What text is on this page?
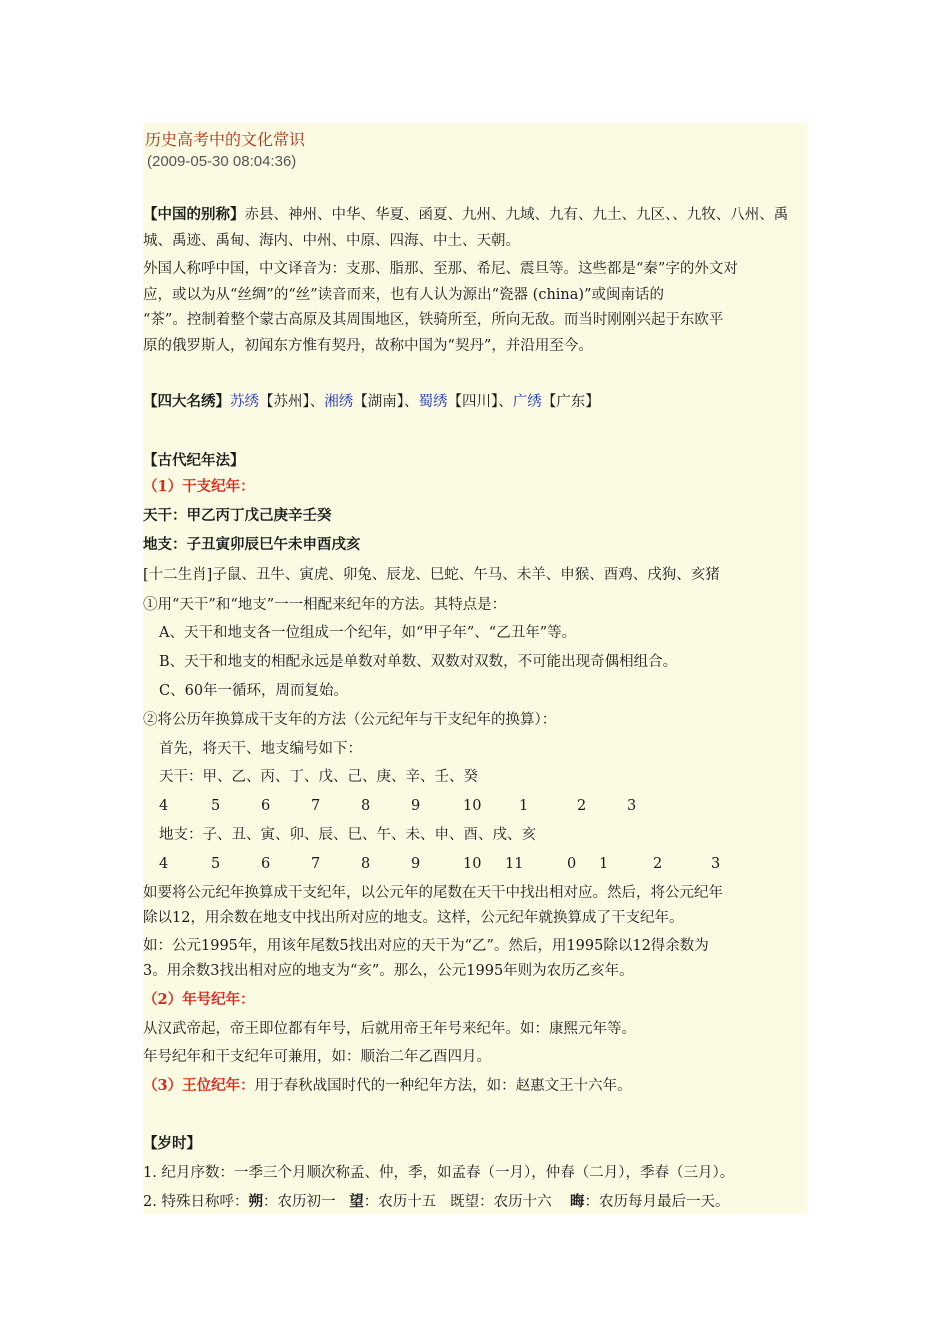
历史高考中的文化常识
(2009-05-30 08:04:36)
【中国的别称】赤县、神州、中华、华夏、函夏、九州、九域、九有、九土、九区、、九牧、八州、禹
城、禹迹、禹甸、海内、中州、中原、四海、中土、天朝。
外国人称呼中国，中文译音为：支那、脂那、至那、希尼、震旦等。这些都是“秦”字的外文对
应，或以为从“丝绸”的“丝”读音而来，也有人认为源出“瓷器 (china)”或闽南话的
“茶”。控制着整个蒙古高原及其周围地区，铁骑所至，所向无敌。而当时刚刚兴起于东欧平
原的俄罗斯人，初闻东方惟有契丹，故称中国为“契丹”，并沿用至今。
【四大名绣】苏绣【苏州】、湘绣【湖南】、蜀绣【四川】、广绣【广东】
【古代纪年法】
（1）干支纪年：
天干：甲乙丙丁戊己庚辛壬癸
地支：子丑寅卯辰巳午未申酉戌亥
[十二生肖]子鼠、丑牛、寅虎、卯兔、辰龙、巳蛇、午马、未羊、申猴、酉鸡、戌狗、亥猪
①用“天干”和“地支”一一相配来纪年的方法。其特点是：
A、天干和地支各一位组成一个纪年，如“甲子年”、“乙丑年”等。
B、天干和地支的相配永远是单数对单数、双数对双数，不可能出现奇偶相组合。
C、60年一循环，周而复始。
②将公历年换算成干支年的方法（公元纪年与干支纪年的换算）：
首先，将天干、地支编号如下：
天干：甲、乙、丙、丁、戊、己、庚、辛、壬、癸
4	5	6	7	8	9	10	1	2	3
地支：子、丑、寅、卯、辰、巳、午、未、申、酉、戌、亥
4	5	6	7	8	9	10 11	0 1	2	3
如要将公元纪年换算成干支纪年，以公元年的尾数在天干中找出相对应。然后，将公元纪年
除以12，用余数在地支中找出所对应的地支。这样，公元纪年就换算成了干支纪年。
如：公元1995年，用该年尾数5找出对应的天干为“乙”。然后，用1995除以12得余数为
3。用余数3找出相对应的地支为“亥”。那么，公元1995年则为农历乙亥年。
（2）年号纪年：
从汉武帝起，帝王即位都有年号，后就用帝王年号来纪年。如：康熙元年等。
年号纪年和干支纪年可兼用，如：顺治二年乙酉四月。
（3）王位纪年：用于春秋战国时代的一种纪年方法，如：赵惠文王十六年。
【岁时】
1. 纪月序数：一季三个月顺次称孟、仲，季，如孟春（一月），仲春（二月），季春（三月）。
2. 特殊日称呼：朔：农历初一   望：农历十五   既望：农历十六    晦：农历每月最后一天。
